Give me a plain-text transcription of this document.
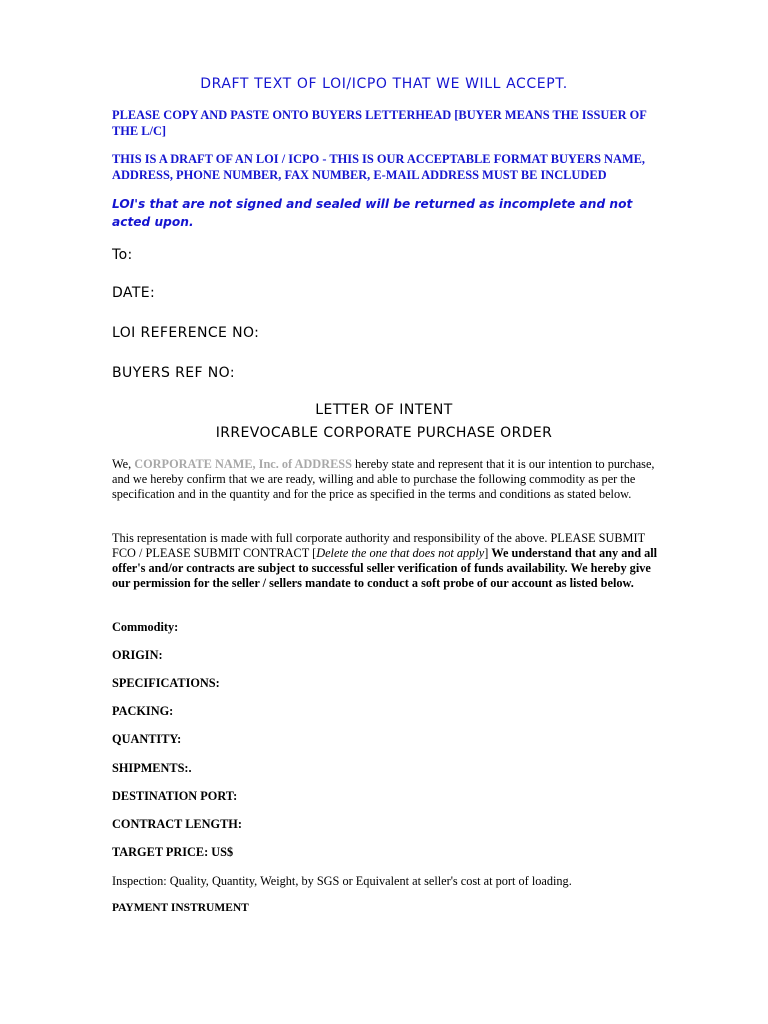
DRAFT TEXT OF LOI/ICPO THAT WE WILL ACCEPT.
PLEASE COPY AND PASTE ONTO BUYERS LETTERHEAD [BUYER MEANS THE ISSUER OF THE L/C]
THIS IS A DRAFT OF AN LOI / ICPO - THIS IS OUR ACCEPTABLE FORMAT BUYERS NAME, ADDRESS, PHONE NUMBER, FAX NUMBER, E-MAIL ADDRESS MUST BE INCLUDED
LOI's that are not signed and sealed will be returned as incomplete and not acted upon.
To:
DATE:
LOI REFERENCE NO:
BUYERS REF NO:
LETTER OF INTENT
IRREVOCABLE CORPORATE PURCHASE ORDER
We, CORPORATE NAME, Inc. of ADDRESS hereby state and represent that it is our intention to purchase, and we hereby confirm that we are ready, willing and able to purchase the following commodity as per the specification and in the quantity and for the price as specified in the terms and conditions as stated below.
This representation is made with full corporate authority and responsibility of the above. PLEASE SUBMIT FCO / PLEASE SUBMIT CONTRACT [Delete the one that does not apply] We understand that any and all offer's and/or contracts are subject to successful seller verification of funds availability. We hereby give our permission for the seller / sellers mandate to conduct a soft probe of our account as listed below.
Commodity:
ORIGIN:
SPECIFICATIONS:
PACKING:
QUANTITY:
SHIPMENTS:.
DESTINATION PORT:
CONTRACT LENGTH:
TARGET PRICE: US$
Inspection: Quality, Quantity, Weight, by SGS or Equivalent at seller's cost at port of loading.
PAYMENT INSTRUMENT
